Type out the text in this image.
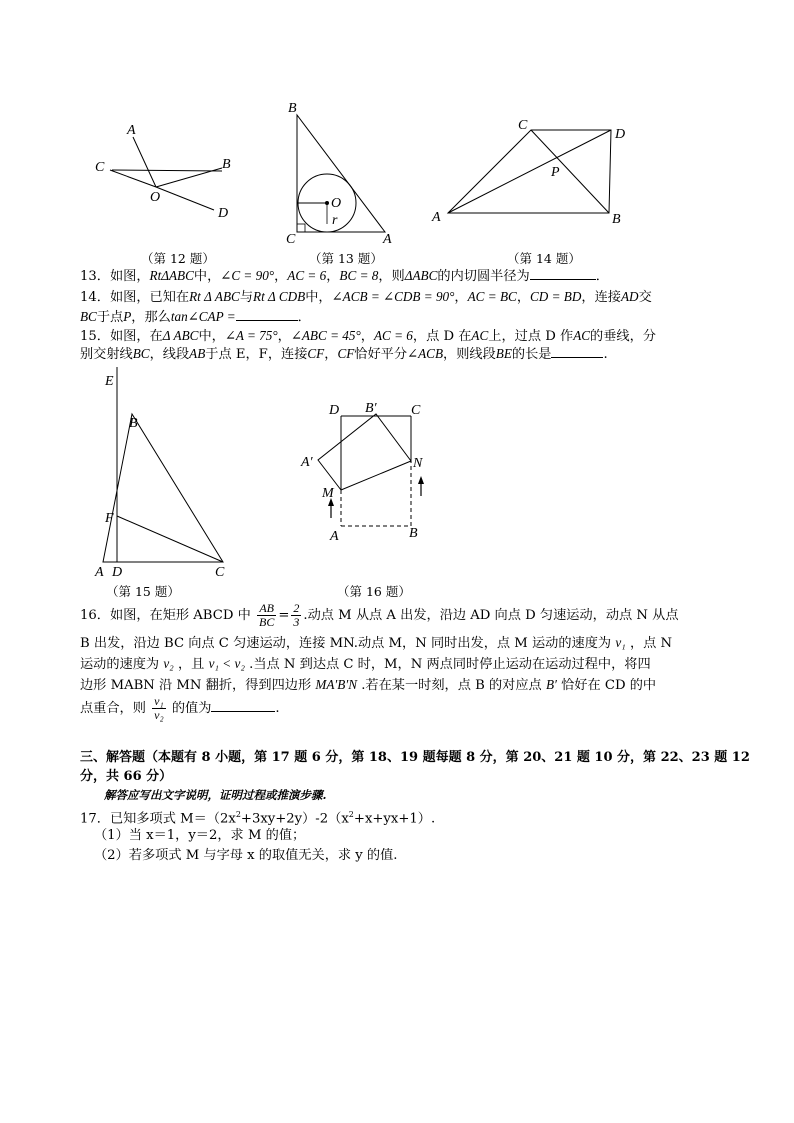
A
C	B
O
D
（第 12 题）
B
C	A
O
r
（第 13 题）
C
D
P
A	B
（第 14 题）
13．如图，RtΔABC中，∠C = 90°，AC = 6，BC = 8，则ΔABC的内切圆半径为	．
14．如图，已知在Rt Δ ABC与Rt Δ CDB中，∠ACB = ∠CDB = 90°，AC = BC，CD = BD，连接AD交
BC于点P，那么tan∠CAP =	．
15．如图，在Δ ABC中，∠A = 75°，∠ABC = 45°，AC = 6，点 D 在AC上，过点 D 作AC的垂线，分
别交射线BC，线段AB于点 E，F，连接CF，CF恰好平分∠ACB，则线段BE的长是	.
E
B
F
A D	C
（第 15 题）
D B′ C
A′	N
M
A	B
（第 16 题）
16．如图，在矩形 ABCD 中 $\frac{AB}{BC} = \frac{2}{3}$ .动点 M 从点 A 出发，沿边 AD 向点 D 匀速运动，动点 N 从点
B 出发，沿边 BC 向点 C 匀速运动，连接 MN.动点 M，N 同时出发，点 M 运动的速度为 v₁ ，点 N
运动的速度为 v₂ ，且 v₁ < v₂ .当点 N 到达点 C 时，M，N 两点同时停止运动在运动过程中，将四
边形 MABN 沿 MN 翻折，得到四边形 MA′B′N .若在某一时刻，点 B 的对应点 B′ 恰好在 CD 的中
点重合，则 $\frac{\text{v₁}}{\text{v₂}}$ 的值为	.
三、解答题（本题有 8 小题，第 17 题 6 分，第 18、19 题每题 8 分，第 20、21 题 10 分，第 22、23 题 12
分，共 66 分）
解答应写出文字说明，证明过程或推演步骤.
17．已知多项式 $M=(2x^2+3xy+2y)-2(x^2+x+yx+1)$.
（1）当 x＝1，y＝2，求 M 的值；
（2）若多项式 M 与字母 x 的取值无关，求 y 的值.
